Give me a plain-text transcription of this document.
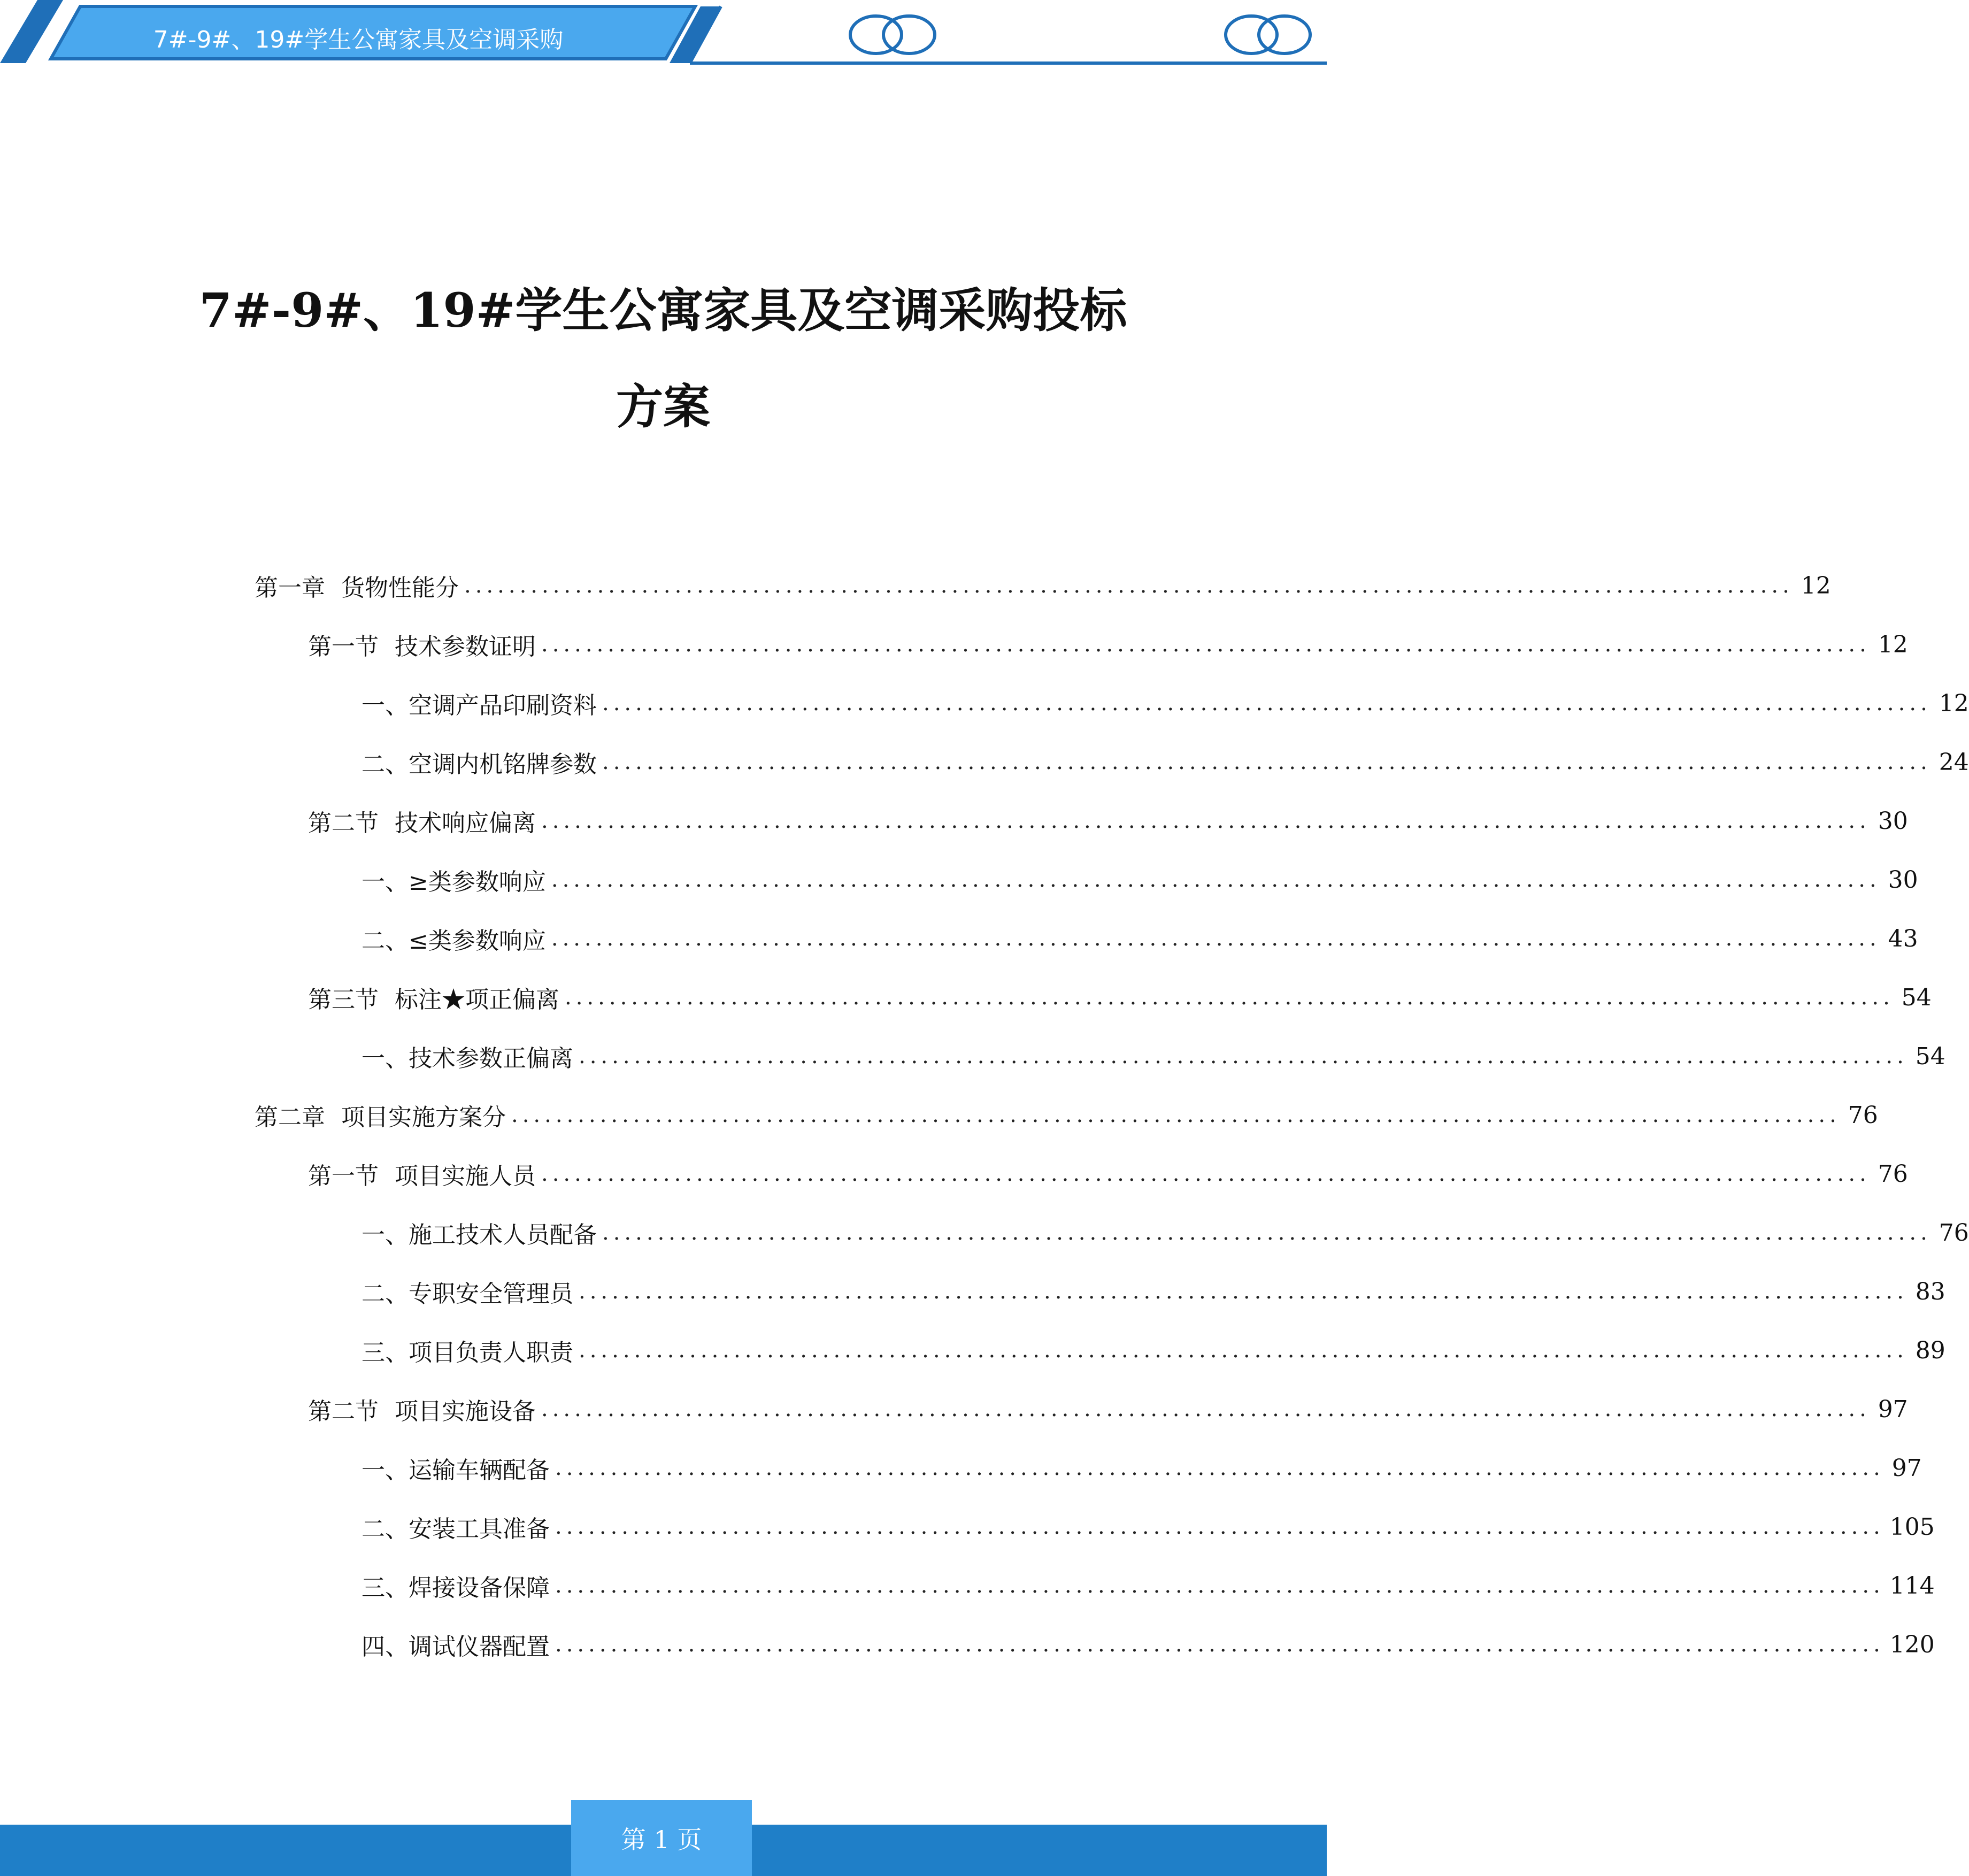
7#-9#、19#学生公寓家具及空调采购
7#-9#、19#学生公寓家具及空调采购投标
方案
第一章 货物性能分 ........................................................................................................................ 12
第一节 技术参数证明 ........................................................................................................................ 12
一、 空调产品印刷资料 ........................................................................................................................ 12
二、 空调内机铭牌参数 ........................................................................................................................ 24
第二节 技术响应偏离 ........................................................................................................................ 30
一、 ≥类参数响应 ........................................................................................................................ 30
二、 ≤类参数响应 ........................................................................................................................ 43
第三节 标注★项正偏离 ........................................................................................................................ 54
一、 技术参数正偏离 ........................................................................................................................ 54
第二章 项目实施方案分 ........................................................................................................................ 76
第一节 项目实施人员 ........................................................................................................................ 76
一、 施工技术人员配备 ........................................................................................................................ 76
二、 专职安全管理员 ........................................................................................................................ 83
三、 项目负责人职责 ........................................................................................................................ 89
第二节 项目实施设备 ........................................................................................................................ 97
一、 运输车辆配备 ........................................................................................................................ 97
二、 安装工具准备 ........................................................................................................................ 105
三、 焊接设备保障 ........................................................................................................................ 114
四、 调试仪器配置 ........................................................................................................................ 120
第 1 页
